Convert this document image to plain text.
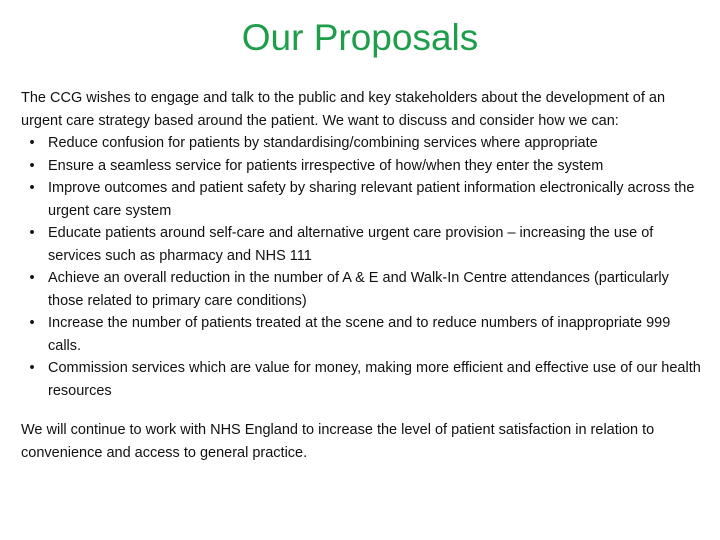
Our Proposals

The CCG wishes to engage and talk to the public and key stakeholders about the development of an urgent care strategy based around the patient. We want to discuss and consider how we can:

• Reduce confusion for patients by standardising/combining services where appropriate
• Ensure a seamless service for patients irrespective of how/when they enter the system
• Improve outcomes and patient safety by sharing relevant patient information electronically across the urgent care system
• Educate patients around self-care and alternative urgent care provision – increasing the use of services such as pharmacy and NHS 111
• Achieve an overall reduction in the number of A & E and Walk-In Centre attendances (particularly those related to primary care conditions)
• Increase the number of patients treated at the scene and to reduce numbers of inappropriate 999 calls.
• Commission services which are value for money, making more efficient and effective use of our health resources

We will continue to work with NHS England to increase the level of patient satisfaction in relation to convenience and access to general practice.
